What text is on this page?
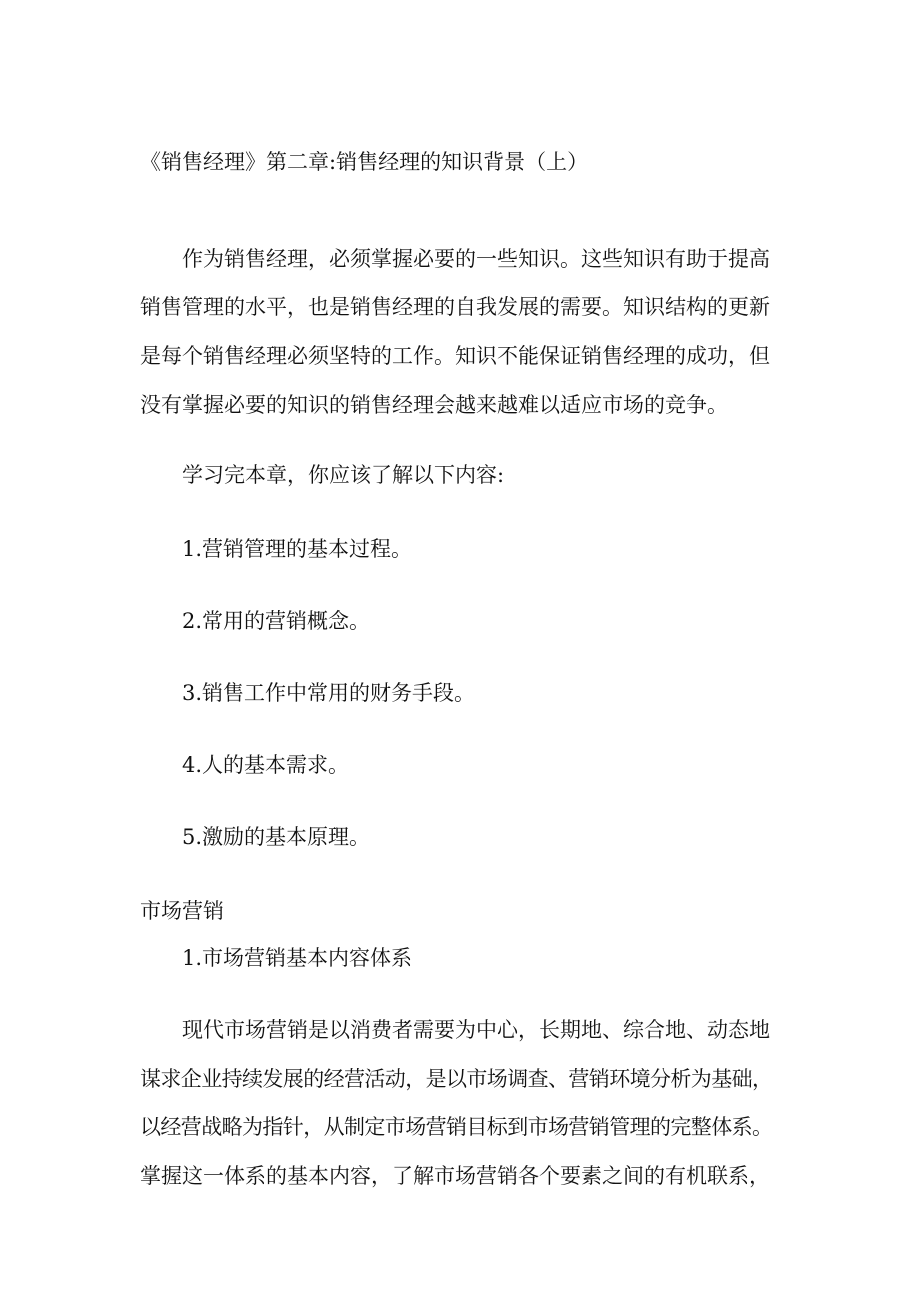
《销售经理》第二章:销售经理的知识背景（上）
作为销售经理，必须掌握必要的一些知识。这些知识有助于提高
销售管理的水平，也是销售经理的自我发展的需要。知识结构的更新
是每个销售经理必须坚特的工作。知识不能保证销售经理的成功，但
没有掌握必要的知识的销售经理会越来越难以适应市场的竞争。
学习完本章，你应该了解以下内容:
1.营销管理的基本过程。
2.常用的营销概念。
3.销售工作中常用的财务手段。
4.人的基本需求。
5.激励的基本原理。
市场营销
1.市场营销基本内容体系
现代市场营销是以消费者需要为中心，长期地、综合地、动态地
谋求企业持续发展的经营活动，是以市场调查、营销环境分析为基础，
以经营战略为指针，从制定市场营销目标到市场营销管理的完整体系。
掌握这一体系的基本内容，了解市场营销各个要素之间的有机联系，
